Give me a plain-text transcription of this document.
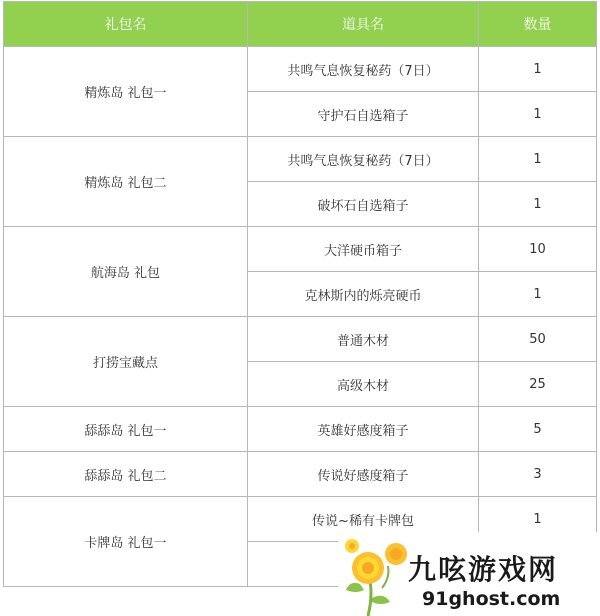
礼包名	道具名	数量
精炼岛 礼包一	共鸣气息恢复秘药（7日）	1
	守护石自选箱子	1
精炼岛 礼包二	共鸣气息恢复秘药（7日）	1
	破坏石自选箱子	1
航海岛 礼包	大洋硬币箱子	10
	克林斯内的烁亮硬币	1
打捞宝藏点	普通木材	50
	高级木材	25
舔舔岛 礼包一	英雄好感度箱子	5
舔舔岛 礼包二	传说好感度箱子	3
卡牌岛 礼包一	传说~稀有卡牌包	1

九呟游戏网
91ghost.com
